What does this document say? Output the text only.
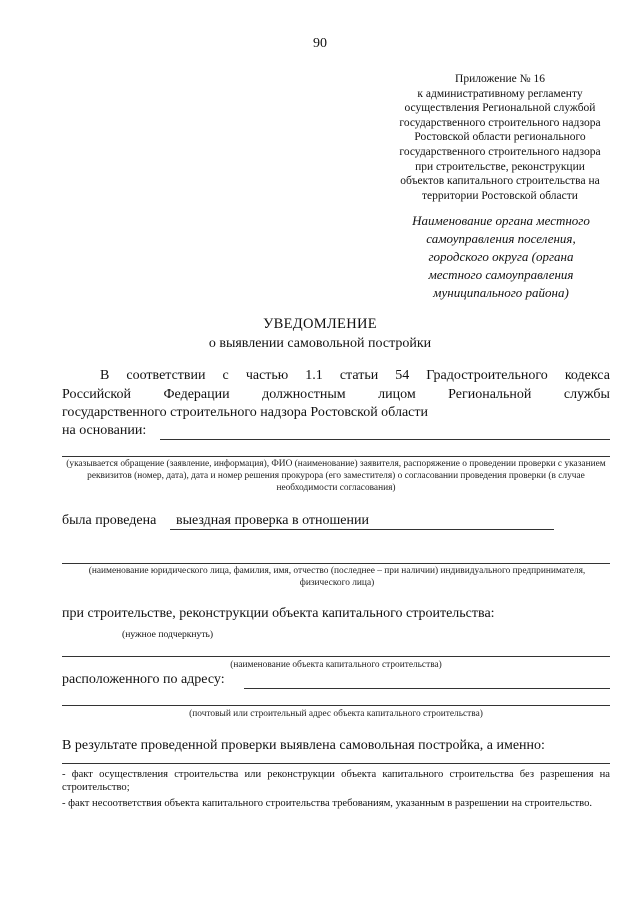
90
Приложение № 16
к административному регламенту
осуществления Региональной службой
государственного строительного надзора
Ростовской области регионального
государственного строительного надзора
при строительстве, реконструкции
объектов капитального строительства на
территории Ростовской области
Наименование органа местного
самоуправления поселения,
городского округа (органа
местного самоуправления
муниципального района)
УВЕДОМЛЕНИЕ
о выявлении самовольной постройки
В соответствии с частью 1.1 статьи 54 Градостроительного кодекса
Российской Федерации должностным лицом Региональной службы
государственного строительного надзора Ростовской области
на основании:
(указывается обращение (заявление, информация), ФИО (наименование) заявителя, распоряжение о проведении проверки с указанием реквизитов (номер, дата), дата и номер решения прокурора (его заместителя) о согласовании проведения проверки (в случае необходимости согласования)
была проведена выездная проверка в отношении
(наименование юридического лица, фамилия, имя, отчество (последнее – при наличии) индивидуального предпринимателя, физического лица)
при строительстве, реконструкции объекта капитального строительства:
(нужное подчеркнуть)
(наименование объекта капитального строительства)
расположенного по адресу:
(почтовый или строительный адрес объекта капитального строительства)
В результате проведенной проверки выявлена самовольная постройка, а именно:
- факт осуществления строительства или реконструкции объекта капитального строительства без разрешения на строительство;
- факт несоответствия объекта капитального строительства требованиям, указанным в разрешении на строительство.
